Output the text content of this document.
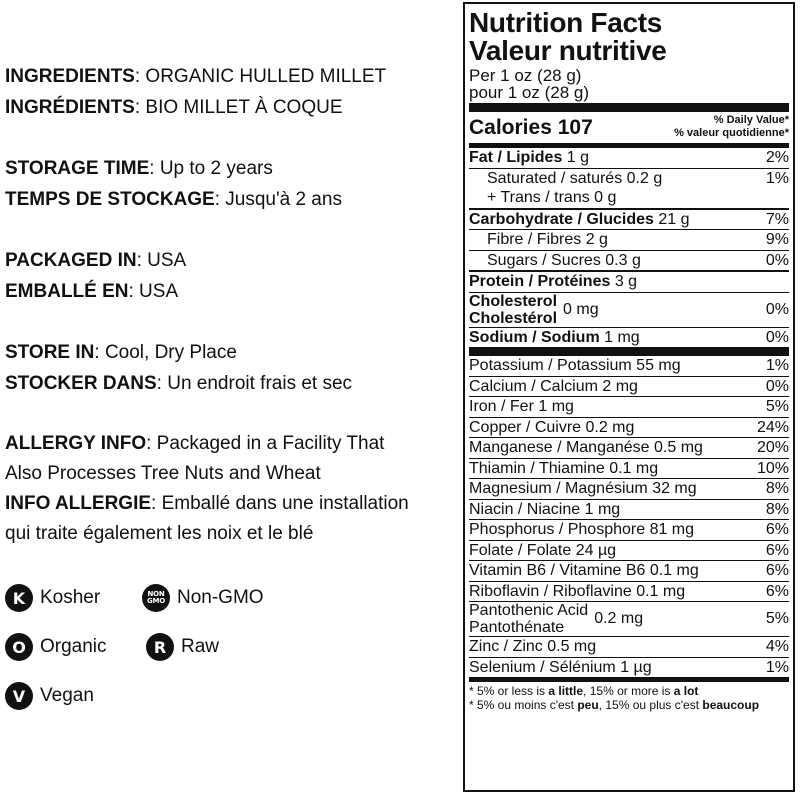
INGREDIENTS: ORGANIC HULLED MILLET
INGRÉDIENTS: BIO MILLET À COQUE
STORAGE TIME: Up to 2 years
TEMPS DE STOCKAGE: Jusqu'à 2 ans
PACKAGED IN: USA
EMBALLÉ EN: USA
STORE IN: Cool, Dry Place
STOCKER DANS: Un endroit frais et sec
ALLERGY INFO: Packaged in a Facility That
Also Processes Tree Nuts and Wheat
INFO ALLERGIE: Emballé dans une installation
qui traite également les noix et le blé
K Kosher	NON GMO Non-GMO
O Organic	R Raw
V Vegan
Nutrition Facts
Valeur nutritive
Per 1 oz (28 g)
pour 1 oz (28 g)
Calories 107	% Daily Value*
% valeur quotidienne*
Fat / Lipides 1 g	2%
Saturated / saturés 0.2 g	1%
+ Trans / trans 0 g
Carbohydrate / Glucides 21 g	7%
Fibre / Fibres 2 g	9%
Sugars / Sucres 0.3 g	0%
Protein / Protéines 3 g
Cholesterol
Cholestérol
0 mg	0%
Sodium / Sodium 1 mg	0%
Potassium / Potassium 55 mg	1%
Calcium / Calcium 2 mg	0%
Iron / Fer 1 mg	5%
Copper / Cuivre 0.2 mg	24%
Manganese / Manganése 0.5 mg	20%
Thiamin / Thiamine 0.1 mg	10%
Magnesium / Magnésium 32 mg	8%
Niacin / Niacine 1 mg	8%
Phosphorus / Phosphore 81 mg	6%
Folate / Folate 24 µg	6%
Vitamin B6 / Vitamine B6 0.1 mg	6%
Riboflavin / Riboflavine 0.1 mg	6%
Pantothenic Acid
Pantothénate
0.2 mg	5%
Zinc / Zinc 0.5 mg	4%
Selenium / Sélénium 1 µg	1%
* 5% or less is a little, 15% or more is a lot
* 5% ou moins c'est peu, 15% ou plus c'est beaucoup
